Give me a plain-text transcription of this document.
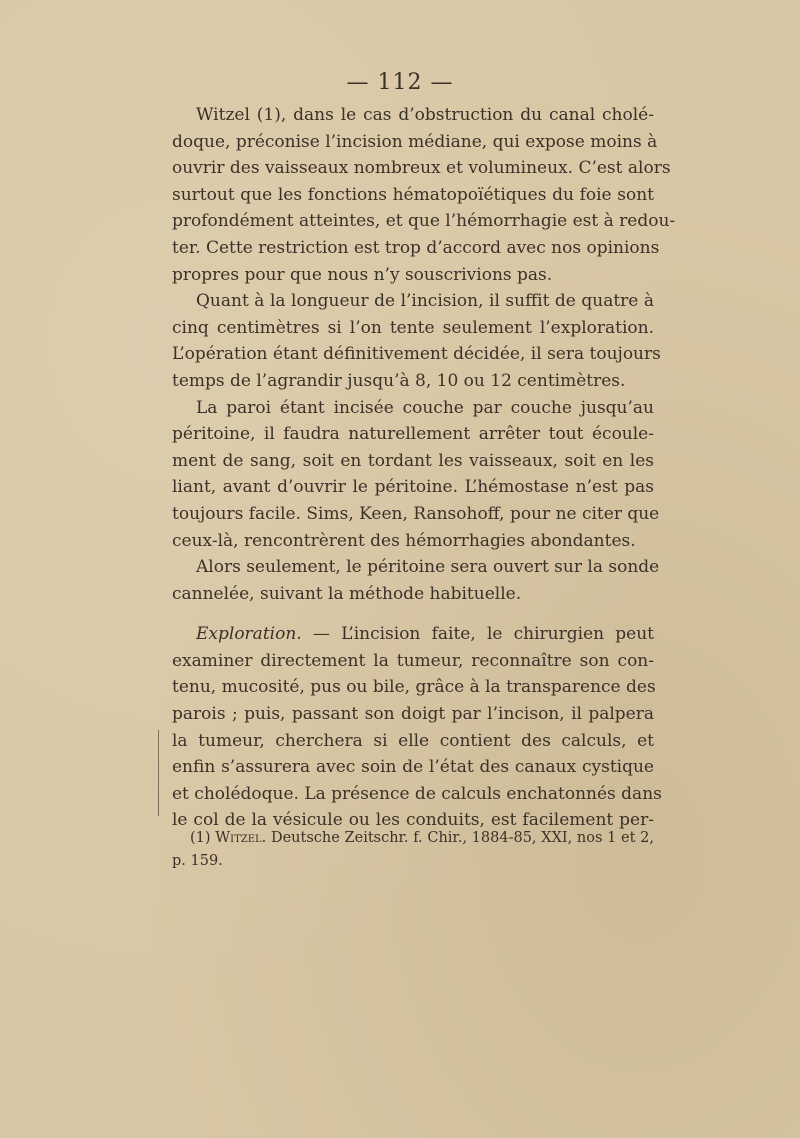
— 112 —
Witzel (1), dans le cas d’obstruction du canal cholé-
doque, préconise l’incision médiane, qui expose moins à
ouvrir des vaisseaux nombreux et volumineux. C’est alors
surtout que les fonctions hématopoïétiques du foie sont
profondément atteintes, et que l’hémorrhagie est à redou-
ter. Cette restriction est trop d’accord avec nos opinions
propres pour que nous n’y souscrivions pas.
Quant à la longueur de l’incision, il suffit de quatre à
cinq centimètres si l’on tente seulement l’exploration.
L’opération étant définitivement décidée, il sera toujours
temps de l’agrandir jusqu’à 8, 10 ou 12 centimètres.
La paroi étant incisée couche par couche jusqu’au
péritoine, il faudra naturellement arrêter tout écoule-
ment de sang, soit en tordant les vaisseaux, soit en les
liant, avant d’ouvrir le péritoine. L’hémostase n’est pas
toujours facile. Sims, Keen, Ransohoff, pour ne citer que
ceux-là, rencontrèrent des hémorrhagies abondantes.
Alors seulement, le péritoine sera ouvert sur la sonde
cannelée, suivant la méthode habituelle.
Exploration. — L’incision faite, le chirurgien peut
examiner directement la tumeur, reconnaître son con-
tenu, mucosité, pus ou bile, grâce à la transparence des
parois ; puis, passant son doigt par l’incison, il palpera
la tumeur, cherchera si elle contient des calculs, et
enfin s’assurera avec soin de l’état des canaux cystique
et cholédoque. La présence de calculs enchatonnés dans
le col de la vésicule ou les conduits, est facilement per-
(1) Witzel. Deutsche Zeitschr. f. Chir., 1884-85, XXI, nos 1 et 2,
p. 159.
